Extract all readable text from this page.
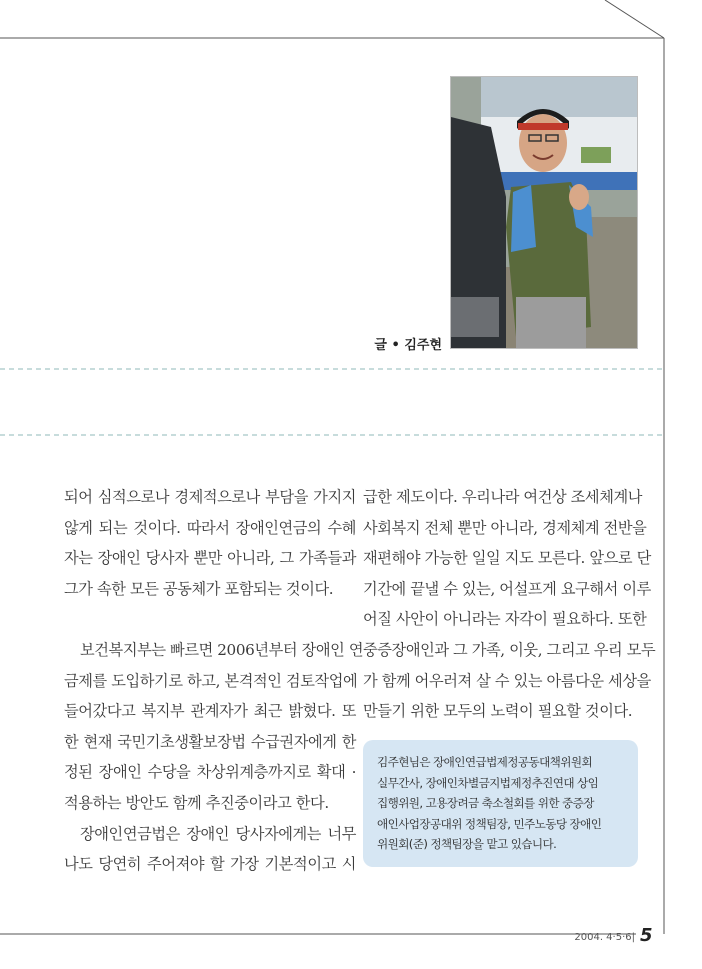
글 • 김주현

되어 심적으로나 경제적으로나 부담을 가지지
않게 되는 것이다. 따라서 장애인연금의 수혜
자는 장애인 당사자 뿐만 아니라, 그 가족들과
그가 속한 모든 공동체가 포함되는 것이다.

보건복지부는 빠르면 2006년부터 장애인 연
금제를 도입하기로 하고, 본격적인 검토작업에
들어갔다고 복지부 관계자가 최근 밝혔다. 또
한 현재 국민기초생활보장법 수급권자에게 한
정된 장애인 수당을 차상위계층까지로 확대 ·
적용하는 방안도 함께 추진중이라고 한다.

장애인연금법은 장애인 당사자에게는 너무
나도 당연히 주어져야 할 가장 기본적이고 시

급한 제도이다. 우리나라 여건상 조세체계나
사회복지 전체 뿐만 아니라, 경제체계 전반을
재편해야 가능한 일일 지도 모른다. 앞으로 단
기간에 끝낼 수 있는, 어설프게 요구해서 이루
어질 사안이 아니라는 자각이 필요하다. 또한
중증장애인과 그 가족, 이웃, 그리고 우리 모두
가 함께 어우러져 살 수 있는 아름다운 세상을
만들기 위한 모두의 노력이 필요할 것이다.

김주현님은 장애인연급법제정공동대책위원회
실무간사, 장애인차별금지법제정추진연대 상임
집행위원, 고용장려금 축소철회를 위한 중증장
애인사업장공대위 정책팀장, 민주노동당 장애인
위원회(준) 정책팀장을 맡고 있습니다.
2004. 4·5·6| 5
